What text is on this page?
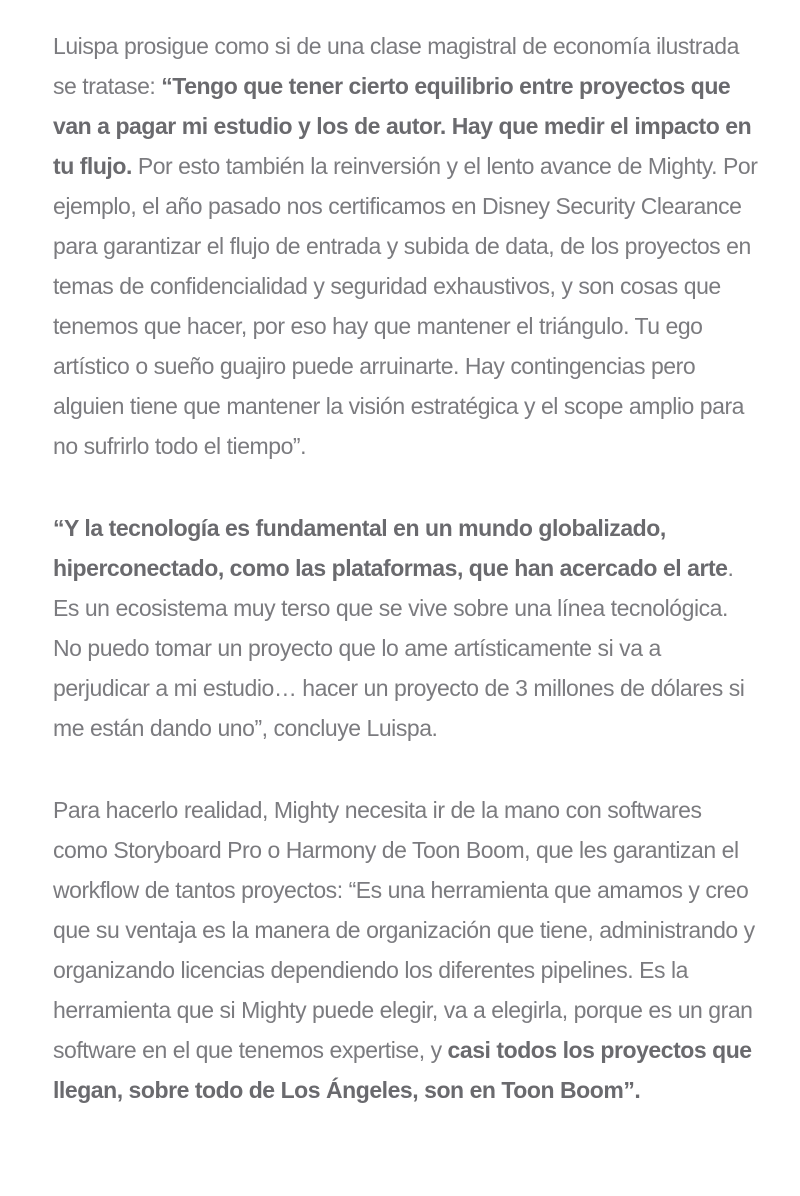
Luispa prosigue como si de una clase magistral de economía ilustrada se tratase: “Tengo que tener cierto equilibrio entre proyectos que van a pagar mi estudio y los de autor. Hay que medir el impacto en tu flujo. Por esto también la reinversión y el lento avance de Mighty. Por ejemplo, el año pasado nos certificamos en Disney Security Clearance para garantizar el flujo de entrada y subida de data, de los proyectos en temas de confidencialidad y seguridad exhaustivos, y son cosas que tenemos que hacer, por eso hay que mantener el triángulo. Tu ego artístico o sueño guajiro puede arruinarte. Hay contingencias pero alguien tiene que mantener la visión estratégica y el scope amplio para no sufrirlo todo el tiempo”.

“Y la tecnología es fundamental en un mundo globalizado, hiperconectado, como las plataformas, que han acercado el arte. Es un ecosistema muy terso que se vive sobre una línea tecnológica. No puedo tomar un proyecto que lo ame artísticamente si va a perjudicar a mi estudio… hacer un proyecto de 3 millones de dólares si me están dando uno”, concluye Luispa.

Para hacerlo realidad, Mighty necesita ir de la mano con softwares como Storyboard Pro o Harmony de Toon Boom, que les garantizan el workflow de tantos proyectos: “Es una herramienta que amamos y creo que su ventaja es la manera de organización que tiene, administrando y organizando licencias dependiendo los diferentes pipelines. Es la herramienta que si Mighty puede elegir, va a elegirla, porque es un gran software en el que tenemos expertise, y casi todos los proyectos que llegan, sobre todo de Los Ángeles, son en Toon Boom”.
